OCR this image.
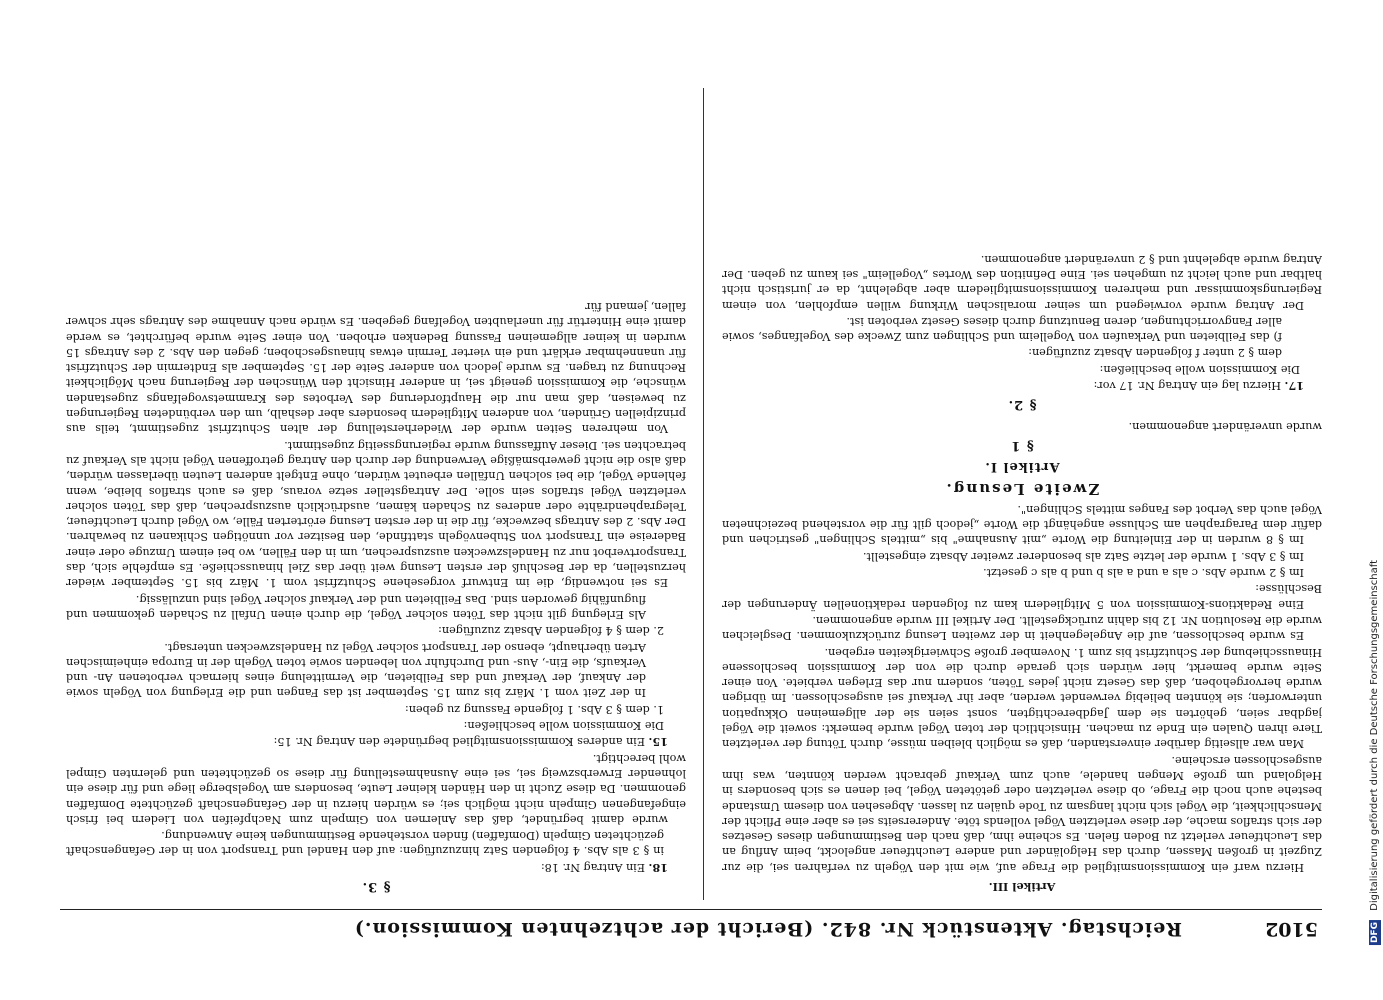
5102
Reichstag. Aktenstück Nr. 842. (Bericht der achtzehnten Kommission.)

Artikel III.

Hierzu warf ein Kommissionsmitglied die Frage auf, wie mit den Vögeln zu verfahren sei, die zur Zugzeit in großen Massen, durch das Helgoländer und andere Leuchtfeuer angelockt, beim Anflug an das Leuchtfeuer verletzt zu Boden fielen. Es scheine ihm, daß nach den Bestimmungen dieses Gesetzes der sich straflos mache, der diese verletzten Vögel vollends töte. Andererseits sei es aber eine Pflicht der Menschlichkeit, die Vögel sich nicht langsam zu Tode quälen zu lassen. Abgesehen von diesem Umstande bestehe auch noch die Frage, ob diese verletzten oder getöteten Vögel, bei denen es sich besonders in Helgoland um große Mengen handele, auch zum Verkauf gebracht werden könnten, was ihm ausgeschlossen erscheine.

Man war allseitig darüber einverstanden, daß es möglich bleiben müsse, durch Tötung der verletzten Tiere ihren Qualen ein Ende zu machen. Hinsichtlich der toten Vögel wurde bemerkt: soweit die Vögel jagdbar seien, gehörten sie dem Jagdberechtigten, sonst seien sie der allgemeinen Okkupation unterworfen; sie könnten beliebig verwendet werden, aber ihr Verkauf sei ausgeschlossen. Im übrigen wurde hervorgehoben, daß das Gesetz nicht jedes Töten, sondern nur das Erlegen verbiete. Von einer Seite wurde bemerkt, hier würden sich gerade durch die von der Kommission beschlossene Hinausschiebung der Schutzfrist bis zum 1. November große Schwierigkeiten ergeben.

Es wurde beschlossen, auf die Angelegenheit in der zweiten Lesung zurückzukommen. Desgleichen wurde die Resolution Nr. 12 bis dahin zurückgestellt. Der Artikel III wurde angenommen.

Eine Redaktions-Kommission von 5 Mitgliedern kam zu folgenden redaktionellen Änderungen der Beschlüsse:

Im § 2 wurde Abs. c als a und a als b und b als c gesetzt.

Im § 3 Abs. 1 wurde der letzte Satz als besonderer zweiter Absatz eingestellt.

Im § 8 wurden in der Einleitung die Worte „mit Ausnahme" bis „mittels Schlingen" gestrichen und dafür dem Paragraphen am Schlusse angehängt die Worte „jedoch gilt für die vorstehend bezeichneten Vögel auch das Verbot des Fanges mittels Schlingen".

Zweite Lesung.

Artikel I.

§ 1

wurde unverändert angenommen.

§ 2.

17. Hierzu lag ein Antrag Nr. 17 vor:

Die Kommission wolle beschließen:

dem § 2 unter f folgenden Absatz zuzufügen:

f) das Feilbieten und Verkaufen von Vogelleim und Schlingen zum Zwecke des Vogelfanges, sowie aller Fangvorrichtungen, deren Benutzung durch dieses Gesetz verboten ist.

Der Antrag wurde vorwiegend um seiner moralischen Wirkung willen empfohlen, von einem Regierungskommissar und mehreren Kommissionsmitgliedern aber abgelehnt, da er juristisch nicht haltbar und auch leicht zu umgehen sei. Eine Definition des Wortes „Vogelleim" sei kaum zu geben. Der Antrag wurde abgelehnt und § 2 unverändert angenommen.

§ 3.

18. Ein Antrag Nr. 18:

in § 3 als Abs. 4 folgenden Satz hinzuzufügen: auf den Handel und Transport von in der Gefangenschaft gezüchteten Gimpeln (Domfaffen) finden vorstehende Bestimmungen keine Anwendung.

wurde damit begründet, daß das Anlernen von Gimpeln zum Nachpfeifen von Liedern bei frisch eingefangenen Gimpeln nicht möglich sei; es würden hierzu in der Gefangenschaft gezüchtete Domfaffen genommen. Da diese Zucht in den Händen kleiner Leute, besonders am Vogelsberge liege und für diese ein lohnender Erwerbszweig sei, sei eine Ausnahmestellung für diese so gezüchteten und gelernten Gimpel wohl berechtigt.

15. Ein anderes Kommissionsmitglied begründete den Antrag Nr. 15:

Die Kommission wolle beschließen:

1. dem § 3 Abs. 1 folgende Fassung zu geben:

In der Zeit vom 1. März bis zum 15. September ist das Fangen und die Erlegung von Vögeln sowie der Ankauf, der Verkauf und das Feilbieten, die Vermittelung eines hiernach verbotenen An- und Verkaufs, die Ein-, Aus- und Durchfuhr von lebenden sowie toten Vögeln der in Europa einheimischen Arten überhaupt, ebenso der Transport solcher Vögel zu Handelszwecken untersagt.

2. dem § 4 folgenden Absatz zuzufügen:

Als Erlegung gilt nicht das Töten solcher Vögel, die durch einen Unfall zu Schaden gekommen und flugunfähig geworden sind. Das Feilbieten und der Verkauf solcher Vögel sind unzulässig.

Es sei notwendig, die im Entwurf vorgesehene Schutzfrist vom 1. März bis 15. September wieder herzustellen, da der Beschluß der ersten Lesung weit über das Ziel hinausschieße. Es empfehle sich, das Transportverbot nur zu Handelszwecken auszusprechen, um in den Fällen, wo bei einem Umzuge oder einer Badereise ein Transport von Stubenvögeln stattfinde, den Besitzer vor unnötigen Schikanen zu bewahren. Der Abs. 2 des Antrags bezwecke, für die in der ersten Lesung erörterten Fälle, wo Vögel durch Leuchtfeuer, Telegraphendrähte oder anderes zu Schaden kämen, ausdrücklich auszusprechen, daß das Töten solcher verletzten Vögel straflos sein solle. Der Antragsteller setze voraus, daß es auch straflos bleibe, wenn fehlende Vögel, die bei solchen Unfällen erbeutet würden, ohne Entgelt anderen Leuten überlassen würden, daß also die nicht gewerbsmäßige Verwendung der durch den Antrag getroffenen Vögel nicht als Verkauf zu betrachten sei. Dieser Auffassung wurde regierungsseitig zugestimmt.

Von mehreren Seiten wurde der Wiederherstellung der alten Schutzfrist zugestimmt, teils aus prinzipiellen Gründen, von anderen Mitgliedern besonders aber deshalb, um den verbündeten Regierungen zu beweisen, daß man nur die Hauptforderung des Verbotes des Krammetsvogelfangs zugestanden wünsche, die Kommission geneigt sei, in anderer Hinsicht den Wünschen der Regierung nach Möglichkeit Rechnung zu tragen. Es wurde jedoch von anderer Seite der 15. September als Endtermin der Schutzfrist für unannehmbar erklärt und ein vierter Termin etwas hinausgeschoben; gegen den Abs. 2 des Antrags 15 wurden in keiner allgemeinen Fassung Bedenken erhoben. Von einer Seite wurde befürchtet, es werde damit eine Hintertür für unerlaubten Vogelfang gegeben. Es würde nach Annahme des Antrags sehr schwer fallen, jemand für

DFG Digitalisierung gefördert durch die Deutsche Forschungsgemeinschaft
